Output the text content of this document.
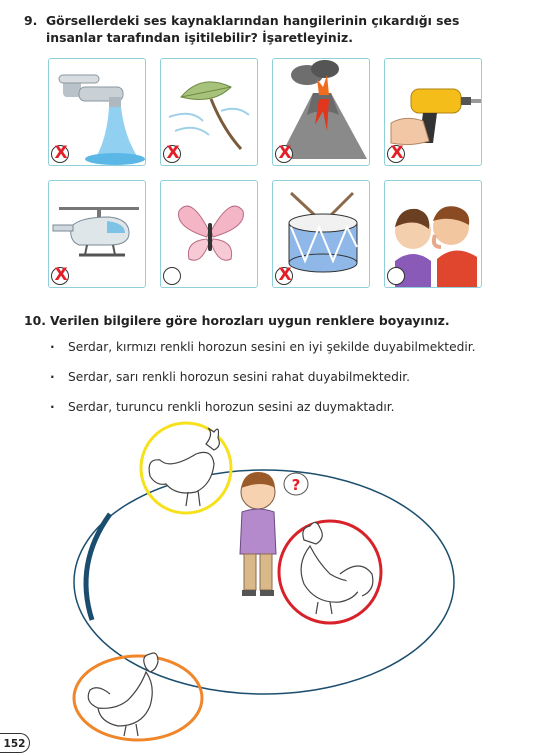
9. Görsellerdeki ses kaynaklarından hangilerinin çıkardığı ses insanlar tarafından işitilebilir? İşaretleyiniz.
X	X	X	X
X	X
10. Verilen bilgilere göre horozları uygun renklere boyayınız.
· Serdar, kırmızı renkli horozun sesini en iyi şekilde duyabilmektedir.
· Serdar, sarı renkli horozun sesini rahat duyabilmektedir.
· Serdar, turuncu renkli horozun sesini az duymaktadır.
?
152
